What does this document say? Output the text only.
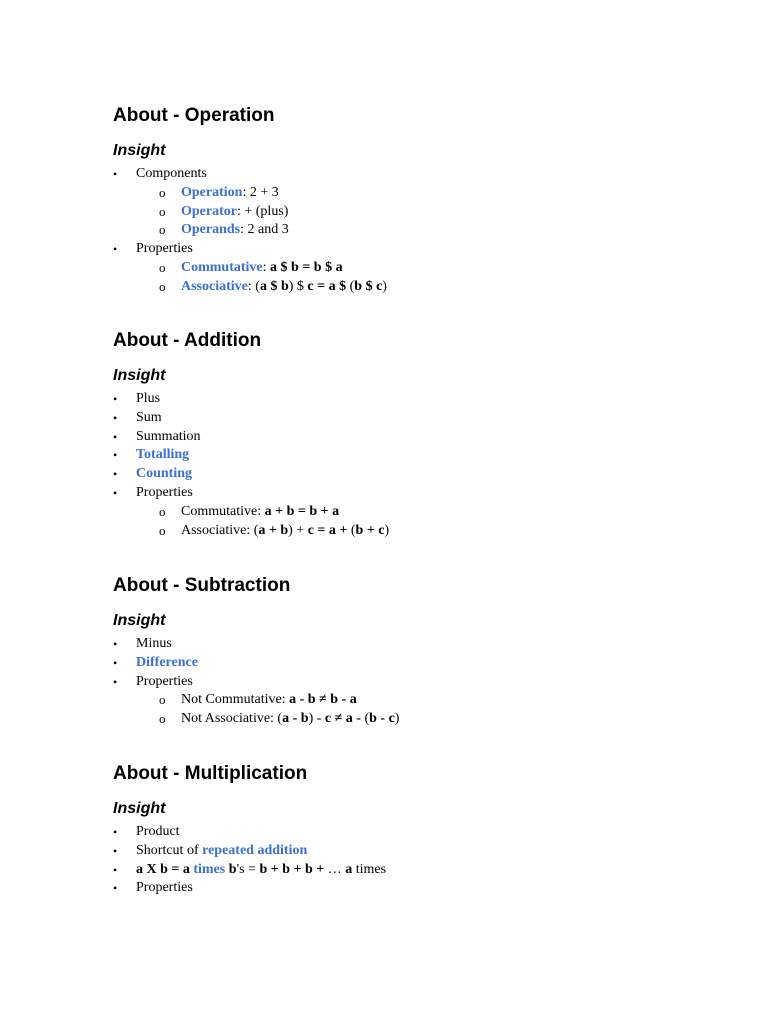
About - Operation
Insight
•	Components
o Operation: 2 + 3
o Operator: + (plus)
o Operands: 2 and 3
•	Properties
o Commutative: a $ b = b $ a
o Associative: (a $ b) $ c = a $ (b $ c)
About - Addition
Insight
•	Plus
•	Sum
•	Summation
•	Totalling
•	Counting
•	Properties
o Commutative: a + b = b + a
o Associative: (a + b) + c = a + (b + c)
About - Subtraction
Insight
•	Minus
•	Difference
•	Properties
o Not Commutative: a - b ≠ b - a
o Not Associative: (a - b) - c ≠ a - (b - c)
About - Multiplication
Insight
•	Product
•	Shortcut of repeated addition
•	a X b = a times b's = b + b + b + … a times
•	Properties
